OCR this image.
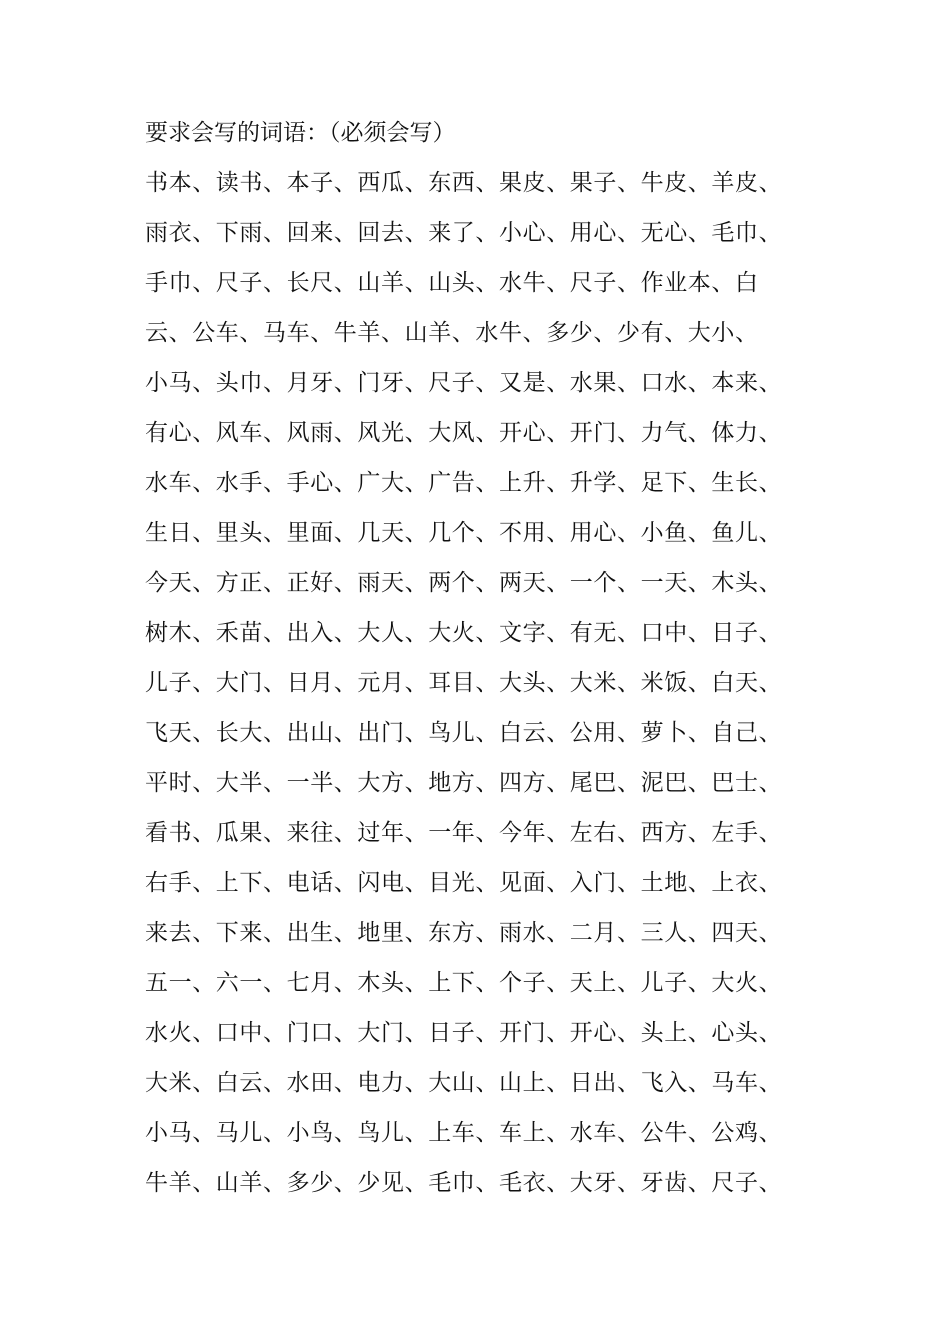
要求会写的词语：（必须会写）
书本、读书、本子、西瓜、东西、果皮、果子、牛皮、羊皮、
雨衣、下雨、回来、回去、来了、小心、用心、无心、毛巾、
手巾、尺子、长尺、山羊、山头、水牛、尺子、作业本、白
云、公车、马车、牛羊、山羊、水牛、多少、少有、大小、
小马、头巾、月牙、门牙、尺子、又是、水果、口水、本来、
有心、风车、风雨、风光、大风、开心、开门、力气、体力、
水车、水手、手心、广大、广告、上升、升学、足下、生长、
生日、里头、里面、几天、几个、不用、用心、小鱼、鱼儿、
今天、方正、正好、雨天、两个、两天、一个、一天、木头、
树木、禾苗、出入、大人、大火、文字、有无、口中、日子、
儿子、大门、日月、元月、耳目、大头、大米、米饭、白天、
飞天、长大、出山、出门、鸟儿、白云、公用、萝卜、自己、
平时、大半、一半、大方、地方、四方、尾巴、泥巴、巴士、
看书、瓜果、来往、过年、一年、今年、左右、西方、左手、
右手、上下、电话、闪电、目光、见面、入门、土地、上衣、
来去、下来、出生、地里、东方、雨水、二月、三人、四天、
五一、六一、七月、木头、上下、个子、天上、儿子、大火、
水火、口中、门口、大门、日子、开门、开心、头上、心头、
大米、白云、水田、电力、大山、山上、日出、飞入、马车、
小马、马儿、小鸟、鸟儿、上车、车上、水车、公牛、公鸡、
牛羊、山羊、多少、少见、毛巾、毛衣、大牙、牙齿、尺子、
